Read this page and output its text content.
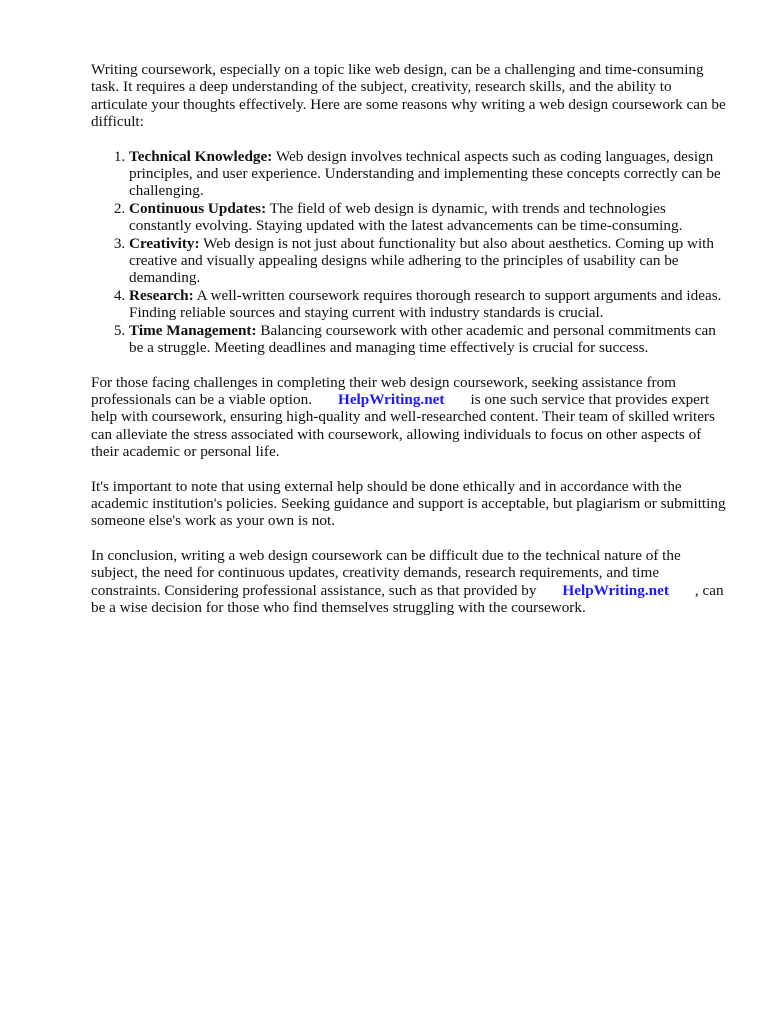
Writing coursework, especially on a topic like web design, can be a challenging and time-consuming task. It requires a deep understanding of the subject, creativity, research skills, and the ability to articulate your thoughts effectively. Here are some reasons why writing a web design coursework can be difficult:

1. Technical Knowledge: Web design involves technical aspects such as coding languages, design principles, and user experience. Understanding and implementing these concepts correctly can be challenging.
2. Continuous Updates: The field of web design is dynamic, with trends and technologies constantly evolving. Staying updated with the latest advancements can be time-consuming.
3. Creativity: Web design is not just about functionality but also about aesthetics. Coming up with creative and visually appealing designs while adhering to the principles of usability can be demanding.
4. Research: A well-written coursework requires thorough research to support arguments and ideas. Finding reliable sources and staying current with industry standards is crucial.
5. Time Management: Balancing coursework with other academic and personal commitments can be a struggle. Meeting deadlines and managing time effectively is crucial for success.

For those facing challenges in completing their web design coursework, seeking assistance from professionals can be a viable option. HelpWriting.net is one such service that provides expert help with coursework, ensuring high-quality and well-researched content. Their team of skilled writers can alleviate the stress associated with coursework, allowing individuals to focus on other aspects of their academic or personal life.

It's important to note that using external help should be done ethically and in accordance with the academic institution's policies. Seeking guidance and support is acceptable, but plagiarism or submitting someone else's work as your own is not.

In conclusion, writing a web design coursework can be difficult due to the technical nature of the subject, the need for continuous updates, creativity demands, research requirements, and time constraints. Considering professional assistance, such as that provided by HelpWriting.net , can be a wise decision for those who find themselves struggling with the coursework.
